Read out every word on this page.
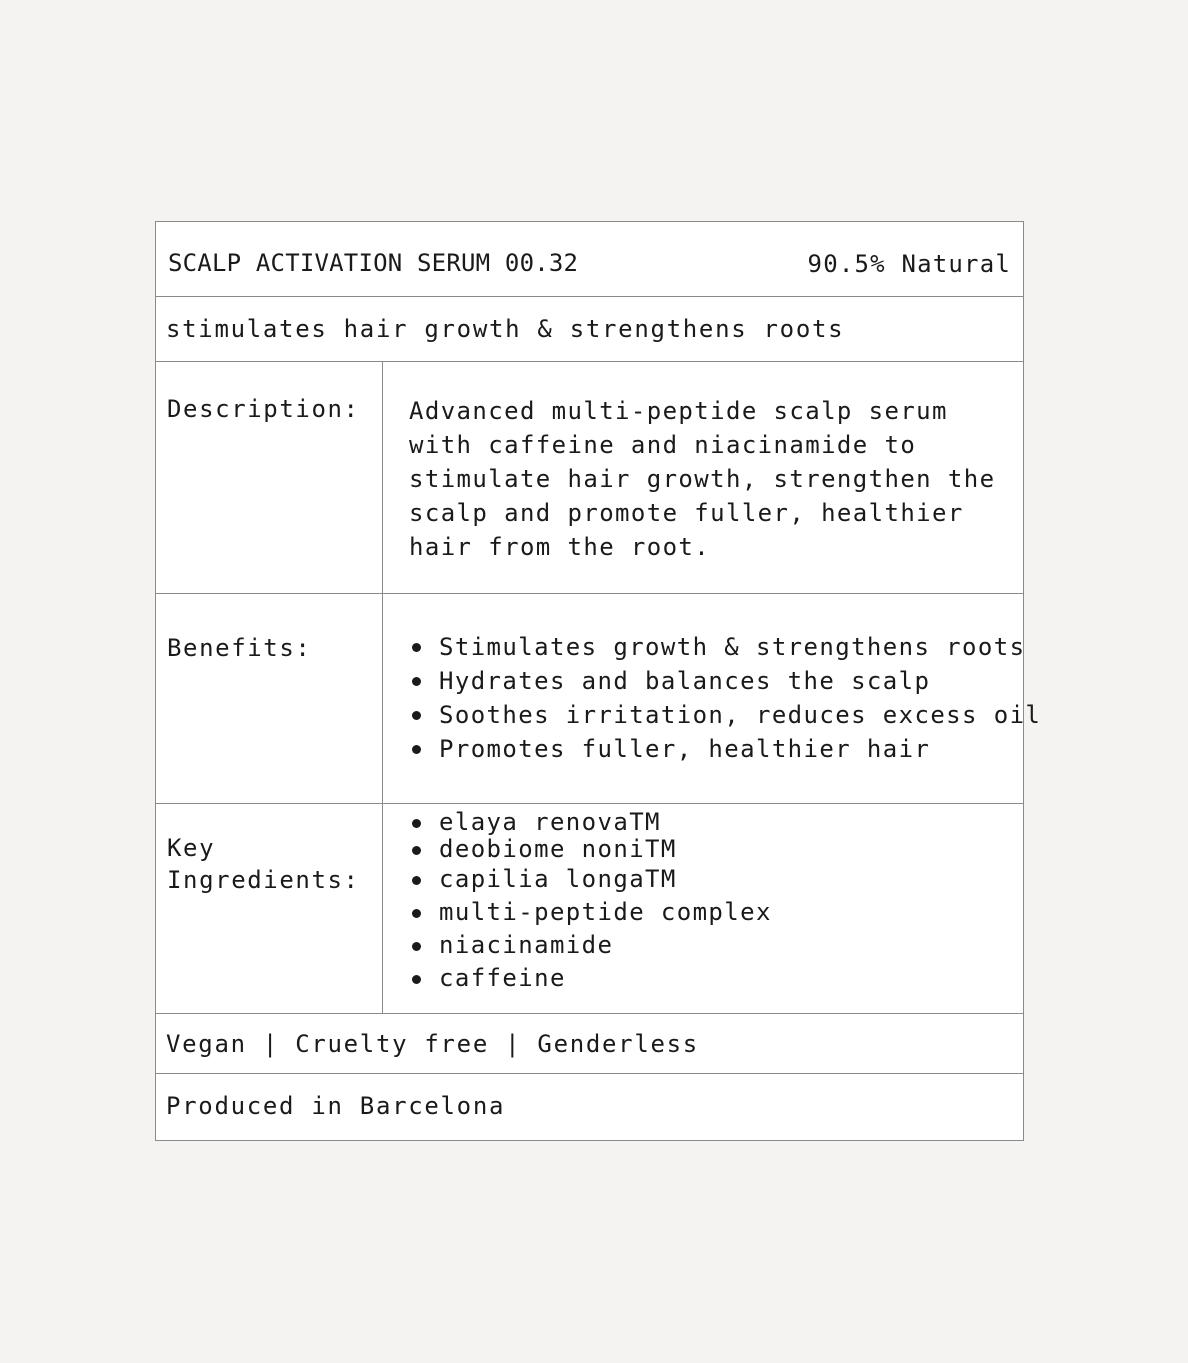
SCALP ACTIVATION SERUM 00.32	90.5% Natural
stimulates hair growth & strengthens roots
Description: Advanced multi-peptide scalp serum with caffeine and niacinamide to stimulate hair growth, strengthen the scalp and promote fuller, healthier hair from the root.
Benefits:	Stimulates growth & strengthens roots
Hydrates and balances the scalp
Soothes irritation, reduces excess oil
Promotes fuller, healthier hair
Key
Ingredients:
elaya renovaTM
deobiome noniTM
capilia longaTM
multi-peptide complex
niacinamide
caffeine
Vegan | Cruelty free | Genderless
Produced in Barcelona
